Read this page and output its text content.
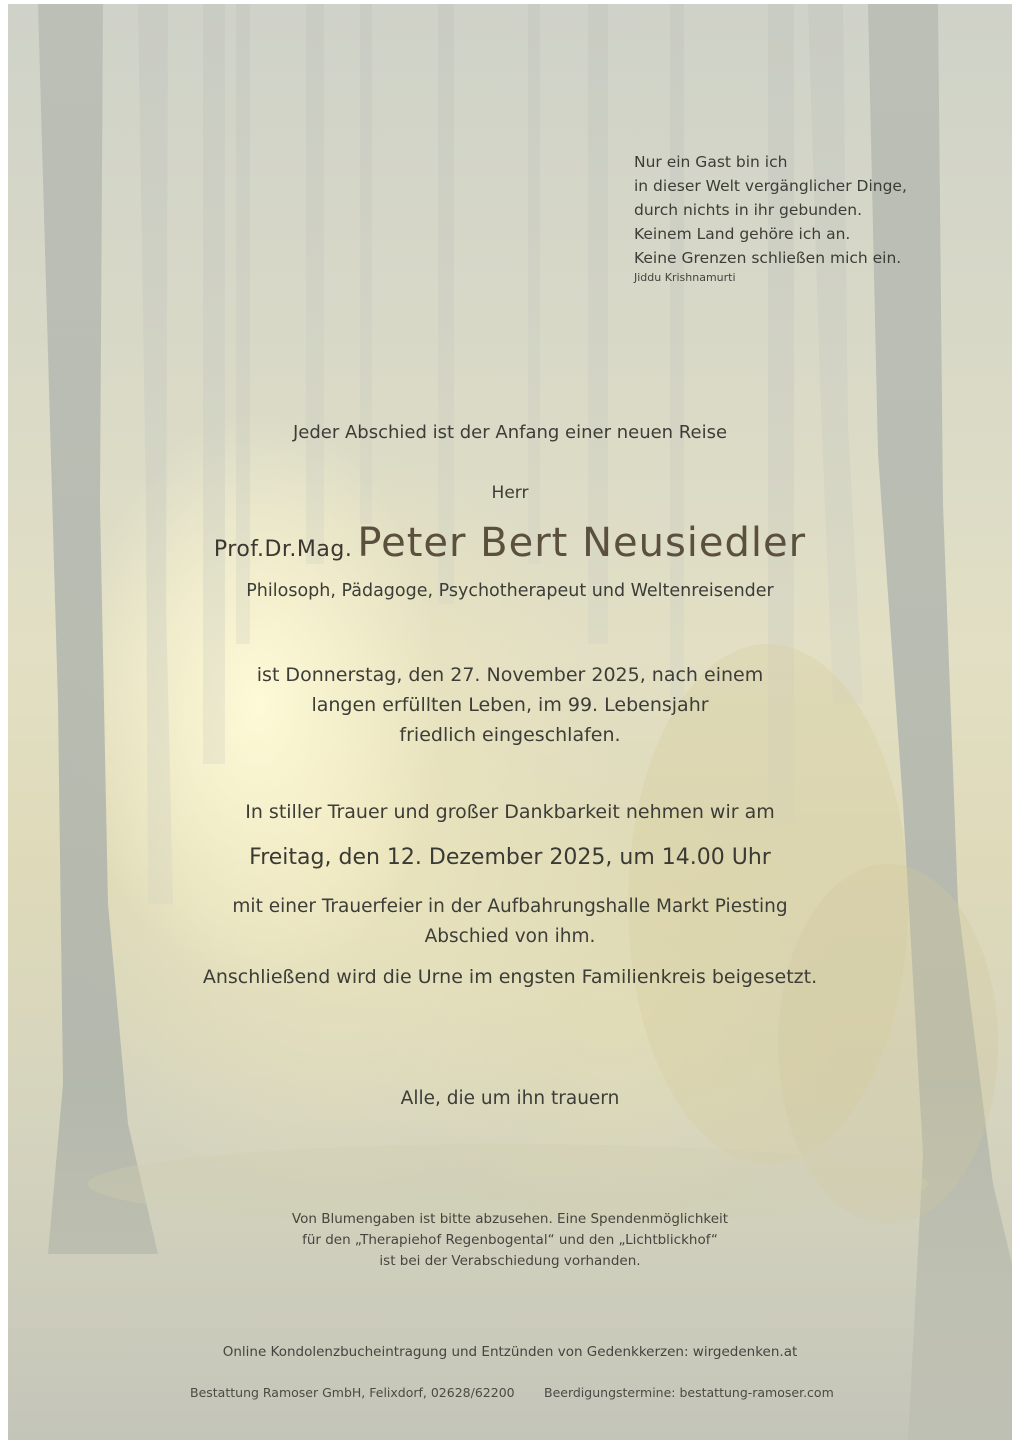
Nur ein Gast bin ich
in dieser Welt vergänglicher Dinge,
durch nichts in ihr gebunden.
Keinem Land gehöre ich an.
Keine Grenzen schließen mich ein.
Jiddu Krishnamurti
Jeder Abschied ist der Anfang einer neuen Reise
Herr
Prof.Dr.Mag. Peter Bert Neusiedler
Philosoph, Pädagoge, Psychotherapeut und Weltenreisender
ist Donnerstag, den 27. November 2025, nach einem
langen erfüllten Leben, im 99. Lebensjahr
friedlich eingeschlafen.
In stiller Trauer und großer Dankbarkeit nehmen wir am
Freitag, den 12. Dezember 2025, um 14.00 Uhr
mit einer Trauerfeier in der Aufbahrungshalle Markt Piesting
Abschied von ihm.
Anschließend wird die Urne im engsten Familienkreis beigesetzt.
Alle, die um ihn trauern
Von Blumengaben ist bitte abzusehen. Eine Spendenmöglichkeit
für den „Therapiehof Regenbogental“ und den „Lichtblickhof“
ist bei der Verabschiedung vorhanden.
Online Kondolenzbucheintragung und Entzünden von Gedenkkerzen: wirgedenken.at
Bestattung Ramoser GmbH, Felixdorf, 02628/62200 Beerdigungstermine: bestattung-ramoser.com
